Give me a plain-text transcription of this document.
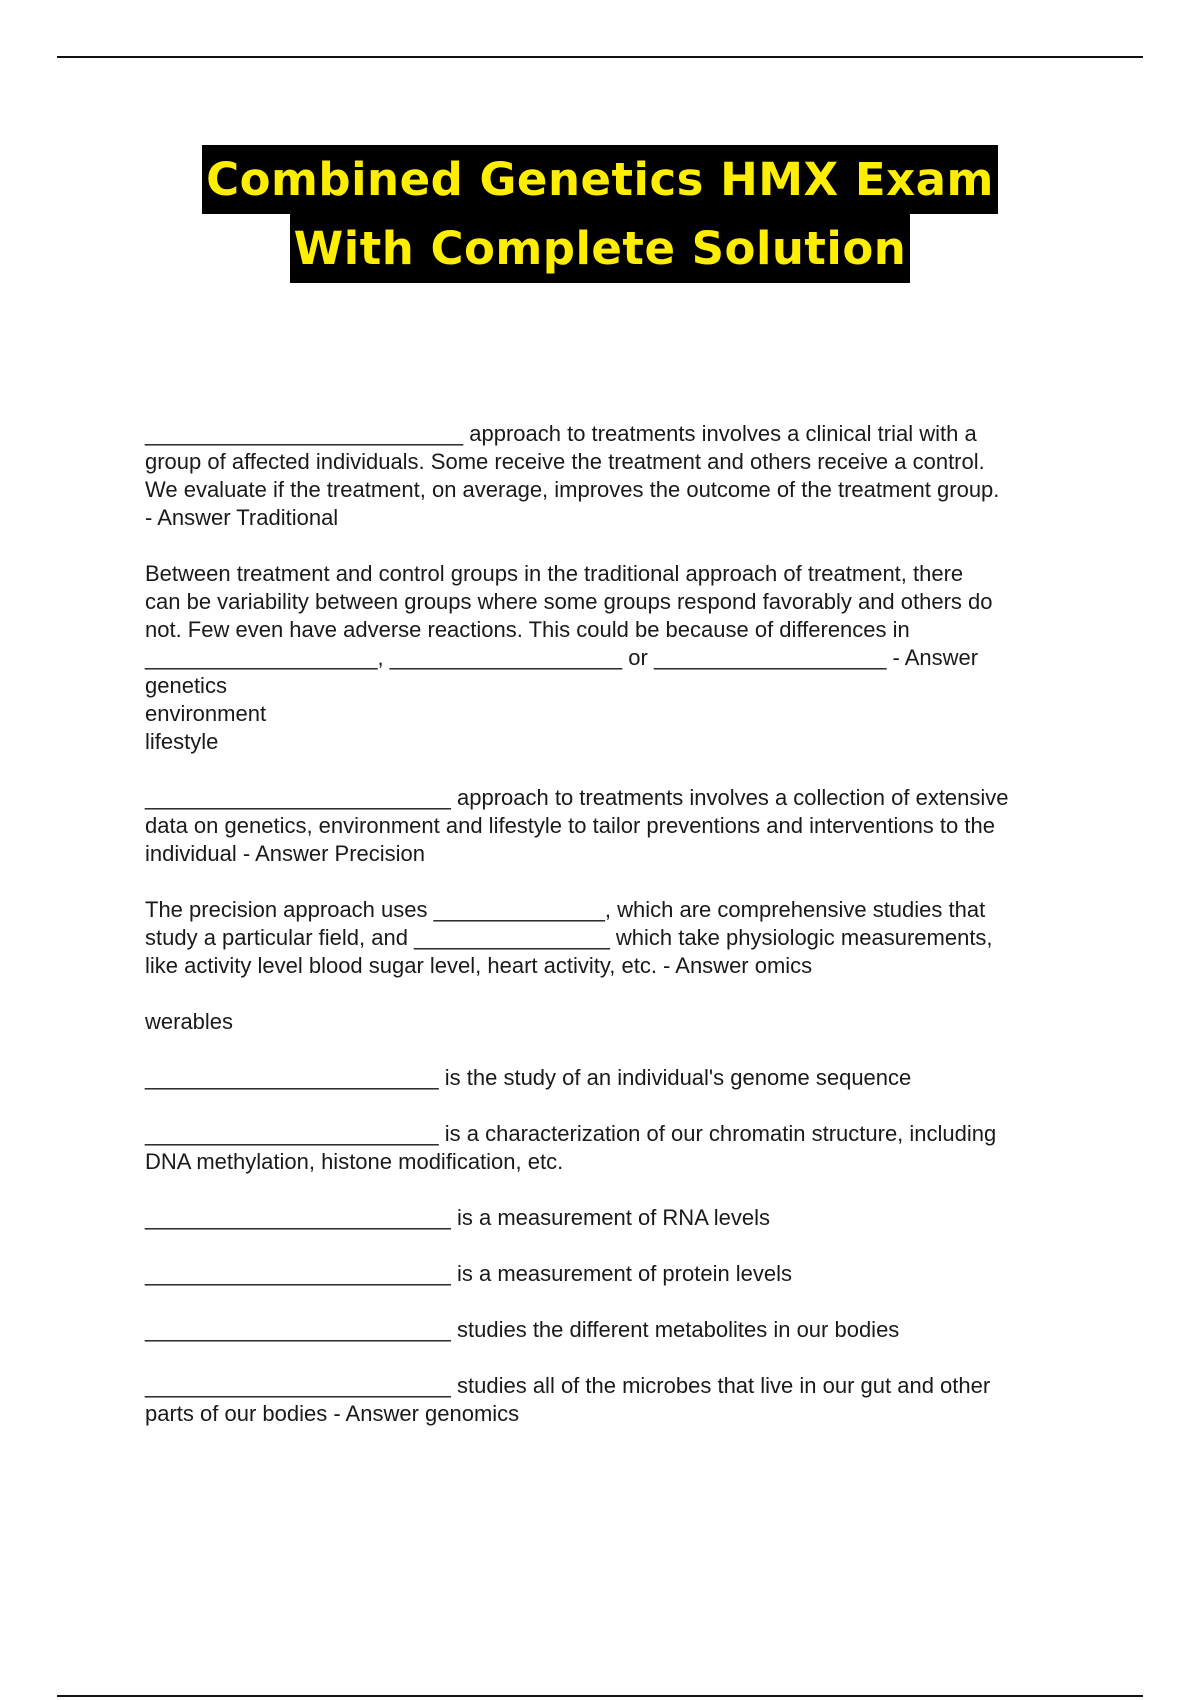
Combined Genetics HMX Exam
With Complete Solution
__________________________ approach to treatments involves a clinical trial with a
group of affected individuals. Some receive the treatment and others receive a control.
We evaluate if the treatment, on average, improves the outcome of the treatment group.
- Answer Traditional
Between treatment and control groups in the traditional approach of treatment, there
can be variability between groups where some groups respond favorably and others do
not. Few even have adverse reactions. This could be because of differences in
___________________, ___________________ or ___________________ - Answer
genetics
environment
lifestyle
_________________________ approach to treatments involves a collection of extensive
data on genetics, environment and lifestyle to tailor preventions and interventions to the
individual - Answer Precision
The precision approach uses ______________, which are comprehensive studies that
study a particular field, and ________________ which take physiologic measurements,
like activity level blood sugar level, heart activity, etc. - Answer omics
werables
________________________ is the study of an individual's genome sequence
________________________ is a characterization of our chromatin structure, including
DNA methylation, histone modification, etc.
_________________________ is a measurement of RNA levels
_________________________ is a measurement of protein levels
_________________________ studies the different metabolites in our bodies
_________________________ studies all of the microbes that live in our gut and other
parts of our bodies - Answer genomics
